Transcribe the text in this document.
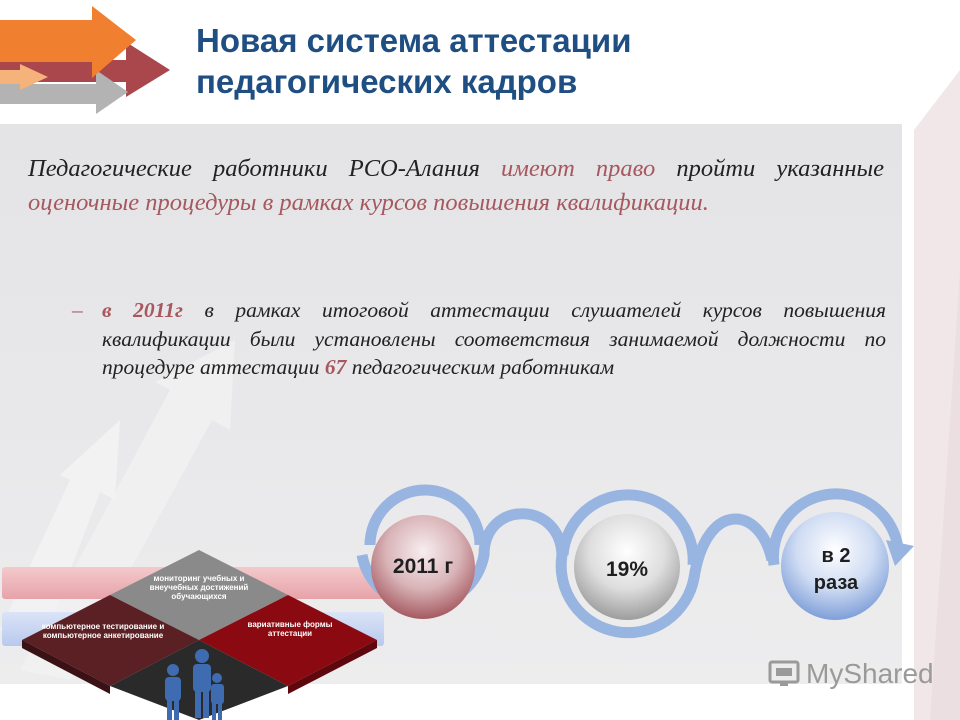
Новая система аттестации
педагогических кадров

Педагогические работники РСО-Алания имеют право пройти указанные оценочные процедуры в рамках курсов повышения квалификации.

– в 2011г в рамках итоговой аттестации слушателей курсов повышения квалификации были установлены соответствия занимаемой должности по процедуре аттестации 67 педагогическим работникам

2011 г	19%
в 2
раза
мониторинг учебных и внеучебных достижений обучающихся
компьютерное тестирование и компьютерное анкетирование
вариативные формы аттестации
MyShared
